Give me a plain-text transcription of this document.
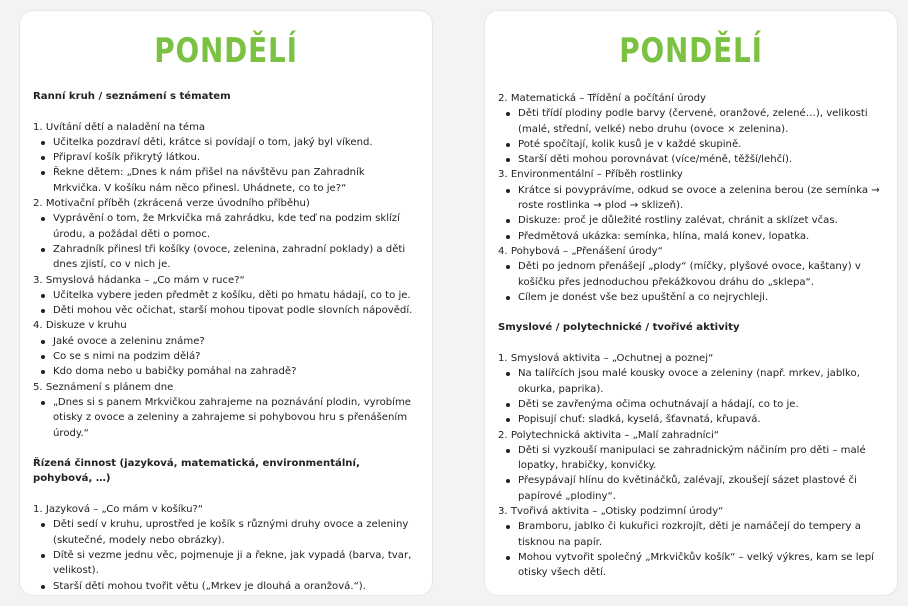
PONDĚLÍ

Ranní kruh / seznámení s tématem

1. Uvítání dětí a naladění na téma

Učitelka pozdraví děti, krátce si povídají o tom, jaký byl víkend.
Připraví košík přikrytý látkou.
Řekne dětem: „Dnes k nám přišel na návštěvu pan Zahradník Mrkvička. V košíku nám něco přinesl. Uhádnete, co to je?“

2. Motivační příběh (zkrácená verze úvodního příběhu)

Vyprávění o tom, že Mrkvička má zahrádku, kde teď na podzim sklízí úrodu, a požádal děti o pomoc.
Zahradník přinesl tři košíky (ovoce, zelenina, zahradní poklady) a děti dnes zjistí, co v nich je.

3. Smyslová hádanka – „Co mám v ruce?“

Učitelka vybere jeden předmět z košíku, děti po hmatu hádají, co to je.
Děti mohou věc očichat, starší mohou tipovat podle slovních nápovědí.

4. Diskuze v kruhu

Jaké ovoce a zeleninu známe?
Co se s nimi na podzim dělá?
Kdo doma nebo u babičky pomáhal na zahradě?

5. Seznámení s plánem dne

„Dnes si s panem Mrkvičkou zahrajeme na poznávání plodin, vyrobíme otisky z ovoce a zeleniny a zahrajeme si pohybovou hru s přenášením úrody.“

Řízená činnost (jazyková, matematická, environmentální, pohybová, …)

1. Jazyková – „Co mám v košíku?“

Děti sedí v kruhu, uprostřed je košík s různými druhy ovoce a zeleniny (skutečné, modely nebo obrázky).
Dítě si vezme jednu věc, pojmenuje ji a řekne, jak vypadá (barva, tvar, velikost).
Starší děti mohou tvořit větu („Mrkev je dlouhá a oranžová.“).
PONDĚLÍ

2. Matematická – Třídění a počítání úrody

Děti třídí plodiny podle barvy (červené, oranžové, zelené…), velikosti (malé, střední, velké) nebo druhu (ovoce × zelenina).
Poté spočítají, kolik kusů je v každé skupině.
Starší děti mohou porovnávat (více/méně, těžší/lehčí).

3. Environmentální – Příběh rostlinky

Krátce si povyprávíme, odkud se ovoce a zelenina berou (ze semínka → roste rostlinka → plod → sklizeň).
Diskuze: proč je důležité rostliny zalévat, chránit a sklízet včas.
Předmětová ukázka: semínka, hlína, malá konev, lopatka.

4. Pohybová – „Přenášení úrody“

Děti po jednom přenášejí „plody“ (míčky, plyšové ovoce, kaštany) v košíčku přes jednoduchou překážkovou dráhu do „sklepa“.
Cílem je donést vše bez upuštění a co nejrychleji.

Smyslové / polytechnické / tvořivé aktivity

1. Smyslová aktivita – „Ochutnej a poznej“

Na talířcích jsou malé kousky ovoce a zeleniny (např. mrkev, jablko, okurka, paprika).
Děti se zavřenýma očima ochutnávají a hádají, co to je.
Popisují chuť: sladká, kyselá, šťavnatá, křupavá.

2. Polytechnická aktivita – „Malí zahradníci“

Děti si vyzkouší manipulaci se zahradnickým náčiním pro děti – malé lopatky, hrabičky, konvičky.
Přesypávají hlínu do květináčků, zalévají, zkoušejí sázet plastové či papírové „plodiny“.

3. Tvořivá aktivita – „Otisky podzimní úrody“

Bramboru, jablko či kukuřici rozkrojít, děti je namáčejí do tempery a tisknou na papír.
Mohou vytvořit společný „Mrkvičkův košík“ – velký výkres, kam se lepí otisky všech dětí.
